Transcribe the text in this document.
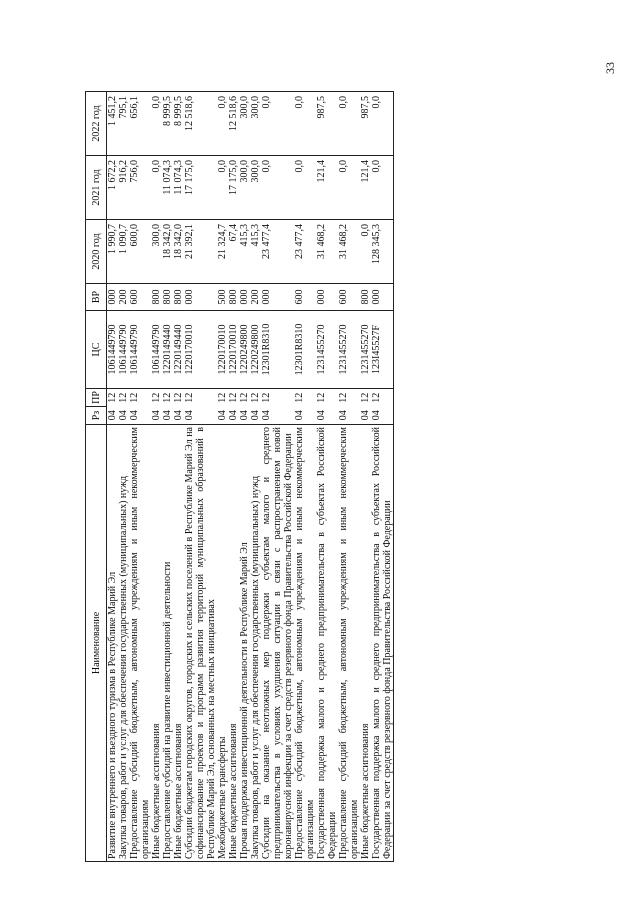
33
Наименование	Рз	ПР	ЦС	ВР	2020 год	2021 год	2022 год
Развитие внутреннего и въездного туризма в Республике Марий Эл	04	12	1061449790	000	1 990,7	1 672,2	1 451,2
Закупка товаров, работ и услуг для обеспечения государственных (муниципальных) нужд	04	12	1061449790	200	1 090,7	916,2	795,1
Предоставление субсидий бюджетным, автономным учреждениям и иным некоммерческим организациям	04	12	1061449790	600	600,0	756,0	656,1
Иные бюджетные ассигнования	04	12	1061449790	800	300,0	0,0	0,0
Предоставление субсидий на развитие инвестиционной деятельности	04	12	1220149440	800	18 342,0	11 074,3	8 999,5
Иные бюджетные ассигнования	04	12	1220149440	800	18 342,0	11 074,3	8 999,5
Субсидии бюджетам городских округов, городских и сельских поселений в Республике Марий Эл на софинансирование проектов и программ развития территорий муниципальных образований в Республике Марий Эл, основанных на местных инициативах	04	12	1220170010	000	21 392,1	17 175,0	12 518,6
Межбюджетные трансферты	04	12	1220170010	500	21 324,7	0,0	0,0
Иные бюджетные ассигнования	04	12	1220170010	800	67,4	17 175,0	12 518,6
Прочая поддержка инвестиционной деятельности в Республике Марий Эл	04	12	1220249800	000	415,3	300,0	300,0
Закупка товаров, работ и услуг для обеспечения государственных (муниципальных) нужд	04	12	1220249800	200	415,3	300,0	300,0
Субсидии на оказание неотложных мер поддержки субъектам малого и среднего предпринимательства в условиях ухудшения ситуации в связи с распространением новой коронавирусной инфекции за счет средств резервного фонда Правительства Российской Федерации	04	12	12301R8310	000	23 477,4	0,0	0,0
Предоставление субсидий бюджетным, автономным учреждениям и иным некоммерческим организациям	04	12	12301R8310	600	23 477,4	0,0	0,0
Государственная поддержка малого и среднего предпринимательства в субъектах Российской Федерации	04	12	1231455270	000	31 468,2	121,4	987,5
Предоставление субсидий бюджетным, автономным учреждениям и иным некоммерческим организациям	04	12	1231455270	600	31 468,2	0,0	0,0
Иные бюджетные ассигнования	04	12	1231455270	800	0,0	121,4	987,5
Государственная поддержка малого и среднего предпринимательства в субъектах Российской Федерации за счет средств резервного фонда Правительства Российской Федерации	04	12	123I45527F	000	128 345,3	0,0	0,0
